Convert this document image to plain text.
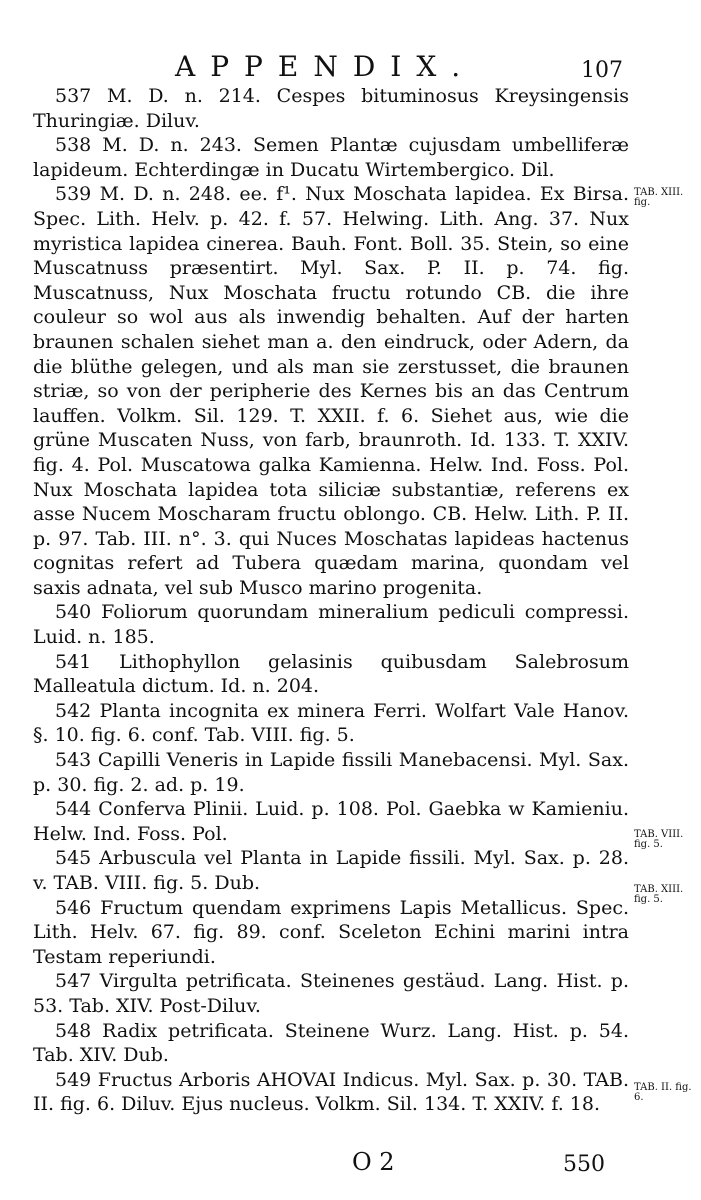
APPENDIX.	107

537 M. D. n. 214. Cespes bituminosus Kreysingensis Thuringiæ. Diluv.

538 M. D. n. 243. Semen Plantæ cujusdam umbelliferæ lapideum. Echterdingæ in Ducatu Wirtembergico. Dil.

539 M. D. n. 248. ee. f¹. Nux Moschata lapidea. Ex Birsa. Spec. Lith. Helv. p. 42. f. 57. Helwing. Lith. Ang. 37. Nux myristica lapidea cinerea. Bauh. Font. Boll. 35. Stein, so eine Muscatnuss præsentirt. Myl. Sax. P. II. p. 74. fig. Muscatnuss, Nux Moschata fructu rotundo CB. die ihre couleur so wol aus als inwendig behalten. Auf der harten braunen schalen siehet man a. den eindruck, oder Adern, da die blüthe gelegen, und als man sie zerstusset, die braunen striæ, so von der peripherie des Kernes bis an das Centrum lauffen. Volkm. Sil. 129. T. XXII. f. 6. Siehet aus, wie die grüne Muscaten Nuss, von farb, braunroth. Id. 133. T. XXIV. fig. 4. Pol. Muscatowa galka Kamienna. Helw. Ind. Foss. Pol. Nux Moschata lapidea tota siliciæ substantiæ, referens ex asse Nucem Moscharam fructu oblongo. CB. Helw. Lith. P. II. p. 97. Tab. III. n°. 3. qui Nuces Moschatas lapideas hactenus cognitas refert ad Tubera quædam marina, quondam vel saxis adnata, vel sub Musco marino progenita.

540 Foliorum quorundam mineralium pediculi compressi. Luid. n. 185.

541 Lithophyllon gelasinis quibusdam Salebrosum Malleatula dictum. Id. n. 204.

542 Planta incognita ex minera Ferri. Wolfart Vale Hanov. §. 10. fig. 6. conf. Tab. VIII. fig. 5.

543 Capilli Veneris in Lapide fissili Manebacensi. Myl. Sax. p. 30. fig. 2. ad. p. 19.

544 Conferva Plinii. Luid. p. 108. Pol. Gaebka w Kamieniu. Helw. Ind. Foss. Pol.

545 Arbuscula vel Planta in Lapide fissili. Myl. Sax. p. 28. v. TAB. VIII. fig. 5. Dub.

546 Fructum quendam exprimens Lapis Metallicus. Spec. Lith. Helv. 67. fig. 89. conf. Sceleton Echini marini intra Testam reperiundi.

547 Virgulta petrificata. Steinenes gestäud. Lang. Hist. p. 53. Tab. XIV. Post-Diluv.

548 Radix petrificata. Steinene Wurz. Lang. Hist. p. 54. Tab. XIV. Dub.

549 Fructus Arboris AHOVAI Indicus. Myl. Sax. p. 30. TAB. II. fig. 6. Diluv. Ejus nucleus. Volkm. Sil. 134. T. XXIV. f. 18.

TAB. XIII. fig.
TAB. VIII. fig. 5.
TAB. XIII. fig. 5.
TAB. II. fig. 6.
O 2	550
